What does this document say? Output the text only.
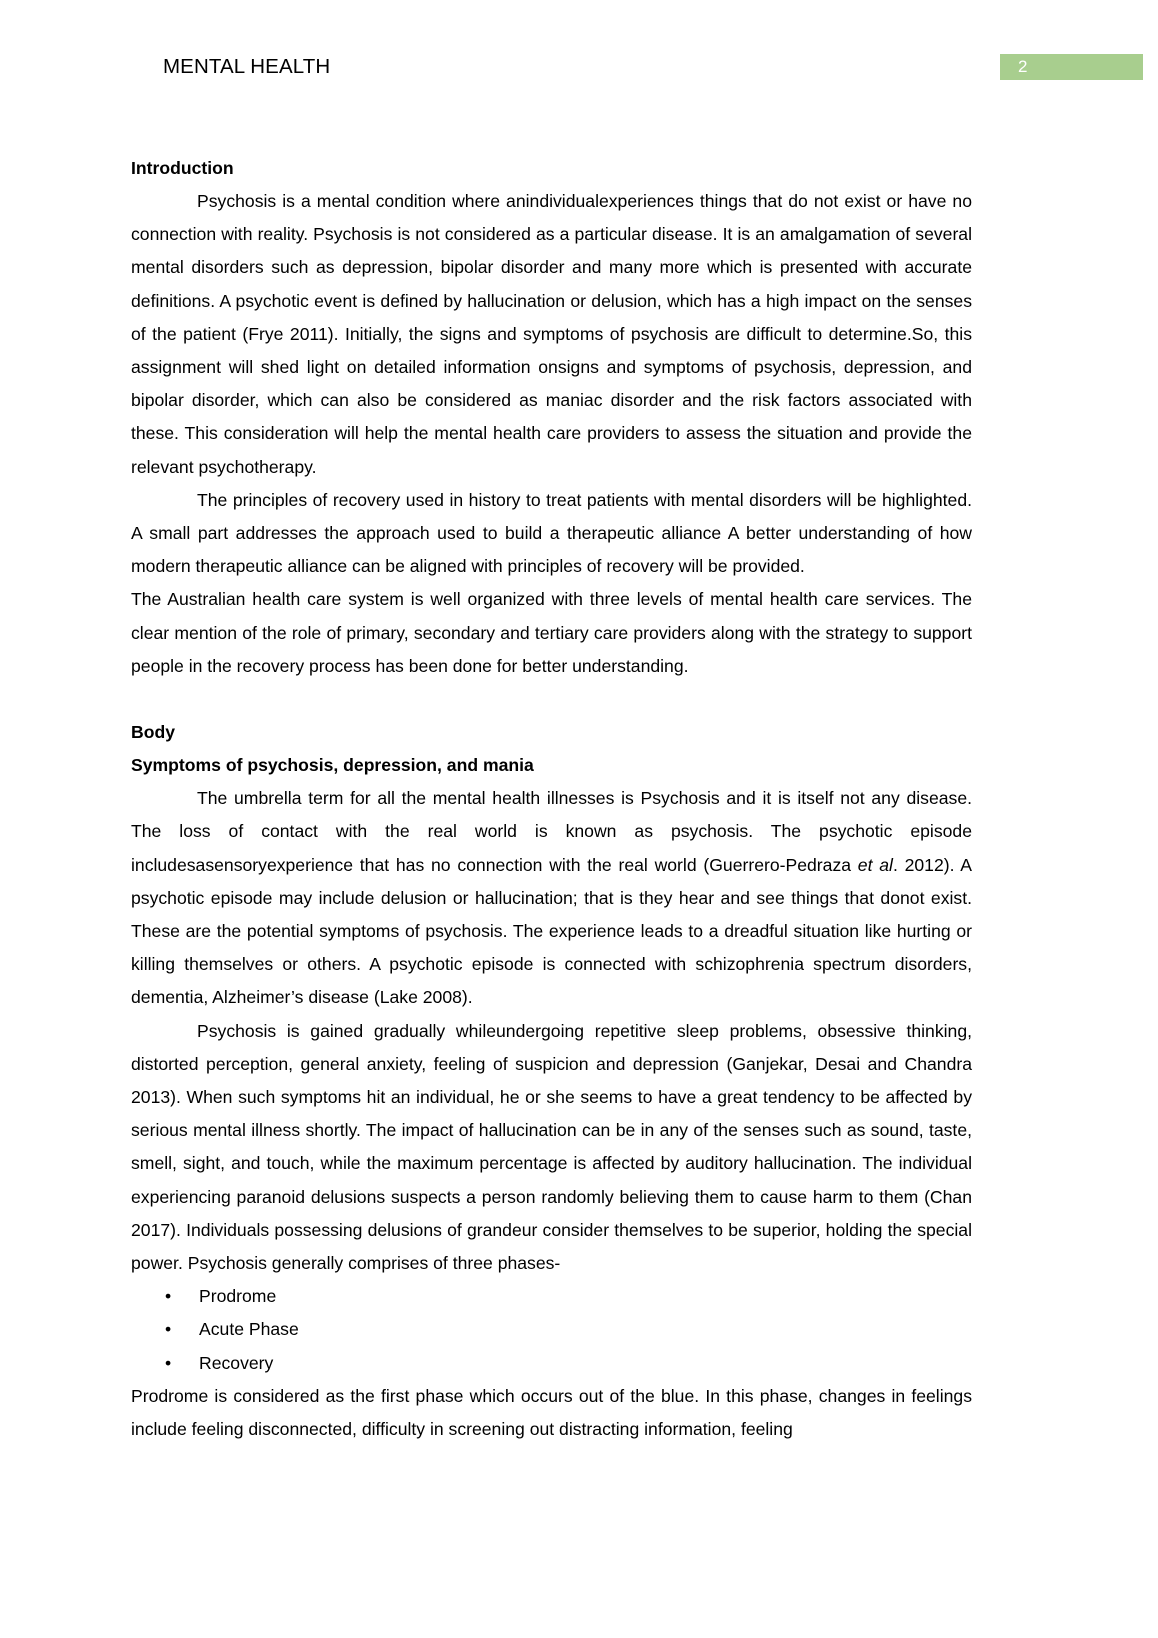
MENTAL HEALTH	2
Introduction

Psychosis is a mental condition where anindividualexperiences things that do not exist or have no connection with reality. Psychosis is not considered as a particular disease. It is an amalgamation of several mental disorders such as depression, bipolar disorder and many more which is presented with accurate definitions. A psychotic event is defined by hallucination or delusion, which has a high impact on the senses of the patient (Frye 2011). Initially, the signs and symptoms of psychosis are difficult to determine.So, this assignment will shed light on detailed information onsigns and symptoms of psychosis, depression, and bipolar disorder, which can also be considered as maniac disorder and the risk factors associated with these. This consideration will help the mental health care providers to assess the situation and provide the relevant psychotherapy.

The principles of recovery used in history to treat patients with mental disorders will be highlighted. A small part addresses the approach used to build a therapeutic alliance A better understanding of how modern therapeutic alliance can be aligned with principles of recovery will be provided.

The Australian health care system is well organized with three levels of mental health care services. The clear mention of the role of primary, secondary and tertiary care providers along with the strategy to support people in the recovery process has been done for better understanding.

Body
Symptoms of psychosis, depression, and mania

The umbrella term for all the mental health illnesses is Psychosis and it is itself not any disease. The loss of contact with the real world is known as psychosis. The psychotic episode includesasensoryexperience that has no connection with the real world (Guerrero-Pedraza et al. 2012). A psychotic episode may include delusion or hallucination; that is they hear and see things that donot exist. These are the potential symptoms of psychosis. The experience leads to a dreadful situation like hurting or killing themselves or others. A psychotic episode is connected with schizophrenia spectrum disorders, dementia, Alzheimer’s disease (Lake 2008).

Psychosis is gained gradually whileundergoing repetitive sleep problems, obsessive thinking, distorted perception, general anxiety, feeling of suspicion and depression (Ganjekar, Desai and Chandra 2013). When such symptoms hit an individual, he or she seems to have a great tendency to be affected by serious mental illness shortly. The impact of hallucination can be in any of the senses such as sound, taste, smell, sight, and touch, while the maximum percentage is affected by auditory hallucination. The individual experiencing paranoid delusions suspects a person randomly believing them to cause harm to them (Chan 2017). Individuals possessing delusions of grandeur consider themselves to be superior, holding the special power. Psychosis generally comprises of three phases-

• Prodrome
• Acute Phase
• Recovery

Prodrome is considered as the first phase which occurs out of the blue. In this phase, changes in feelings include feeling disconnected, difficulty in screening out distracting information, feeling
